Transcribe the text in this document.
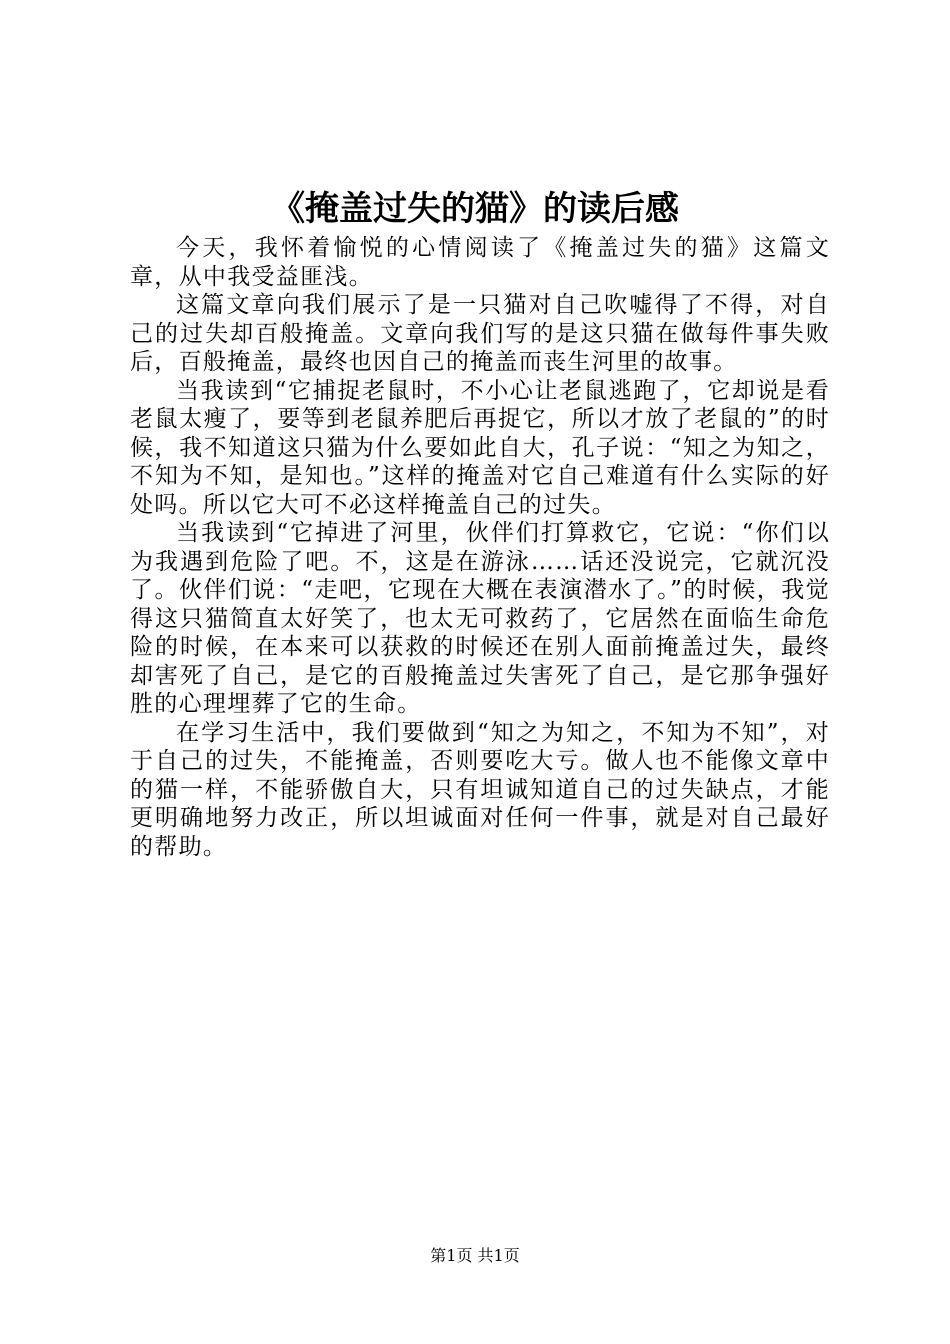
《掩盖过失的猫》的读后感

今天，我怀着愉悦的心情阅读了《掩盖过失的猫》这篇文章，从中我受益匪浅。

这篇文章向我们展示了是一只猫对自己吹嘘得了不得，对自己的过失却百般掩盖。文章向我们写的是这只猫在做每件事失败后，百般掩盖，最终也因自己的掩盖而丧生河里的故事。

当我读到“它捕捉老鼠时，不小心让老鼠逃跑了，它却说是看老鼠太瘦了，要等到老鼠养肥后再捉它，所以才放了老鼠的”的时候，我不知道这只猫为什么要如此自大，孔子说：“知之为知之，不知为不知，是知也。”这样的掩盖对它自己难道有什么实际的好处吗。所以它大可不必这样掩盖自己的过失。

当我读到“它掉进了河里，伙伴们打算救它，它说：“你们以为我遇到危险了吧。不，这是在游泳……话还没说完，它就沉没了。伙伴们说：“走吧，它现在大概在表演潜水了。”的时候，我觉得这只猫简直太好笑了，也太无可救药了，它居然在面临生命危险的时候，在本来可以获救的时候还在别人面前掩盖过失，最终却害死了自己，是它的百般掩盖过失害死了自己，是它那争强好胜的心理埋葬了它的生命。

在学习生活中，我们要做到“知之为知之，不知为不知”，对于自己的过失，不能掩盖，否则要吃大亏。做人也不能像文章中的猫一样，不能骄傲自大，只有坦诚知道自己的过失缺点，才能更明确地努力改正，所以坦诚面对任何一件事，就是对自己最好的帮助。

第1页 共1页
